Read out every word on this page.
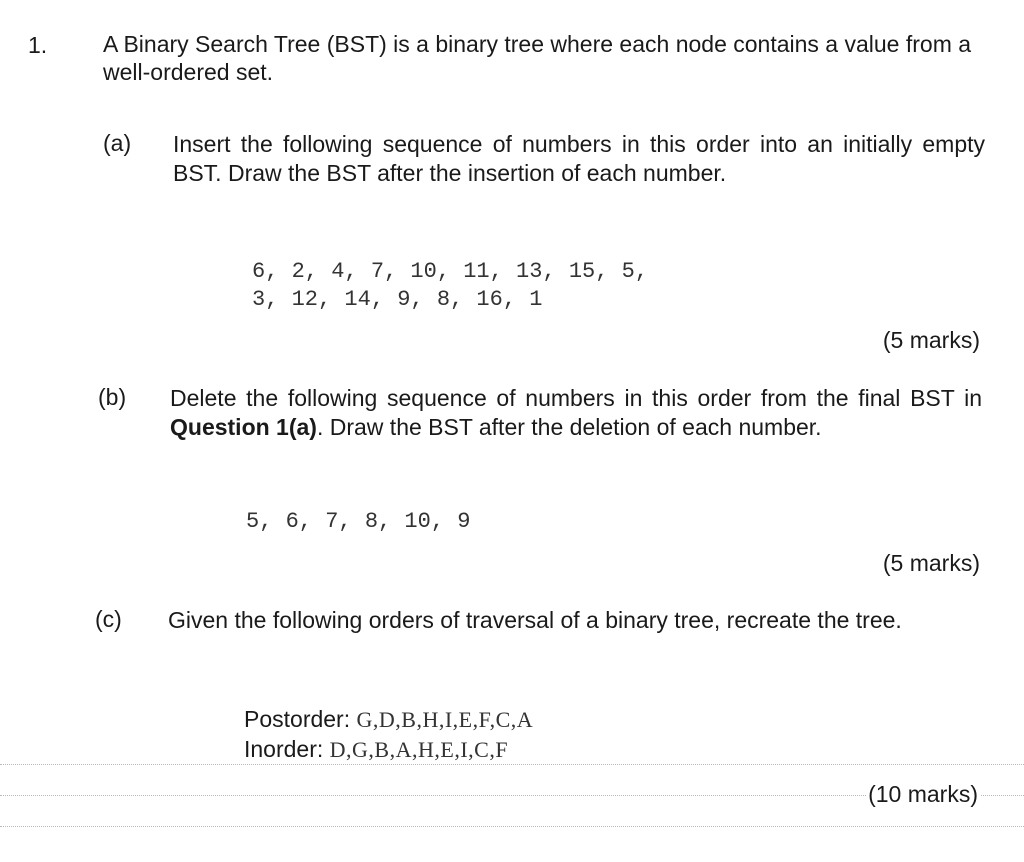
1. A Binary Search Tree (BST) is a binary tree where each node contains a value from a well-ordered set.

(a) Insert the following sequence of numbers in this order into an initially empty BST. Draw the BST after the insertion of each number.

6, 2, 4, 7, 10, 11, 13, 15, 5,

3, 12, 14, 9, 8, 16, 1

(5 marks)

(b) Delete the following sequence of numbers in this order from the final BST in Question 1(a). Draw the BST after the deletion of each number.

5, 6, 7, 8, 10, 9

(5 marks)

(c) Given the following orders of traversal of a binary tree, recreate the tree.

Postorder: G,D,B,H,I,E,F,C,A

Inorder: D,G,B,A,H,E,I,C,F

(10 marks)
